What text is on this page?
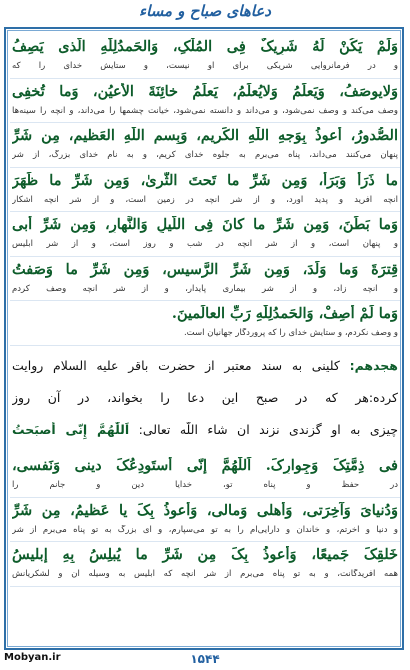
دعاهای صباح و مساء
وَلَمْ یَکُنْ لَهُ شَرِیکٌ فِی المُلْکِ، وَالحَمدُلِلّٰهِ الَّذی یَصِفُ
و در فرمانروایی شریکی برای او نیست، و ستایش خدای را که
وَلایوصَفُ، وَیَعلَمُ وَلایُعلَمُ، یَعلَمُ خائِنَةَ الأَعیُنِ، وَما تُخفِی
وصف می‌کند و وصف نمی‌شود، و می‌داند و دانسته نمی‌شود، خیانت چشمها را می‌داند، و آنچه را سینه‌ها
الصُّدورُ، أَعوذُ بِوَجهِ اللّٰهِ الکَریمِ، وَبِسمِ اللّٰهِ العَظیمِ، مِن شَرِّ
پنهان می‌کنند می‌داند، پناه می‌برم به جلوه خدای کریم، و به نام خدای بزرگ، از شر
ما ذَرَأَ وَبَرَأَ، وَمِن شَرِّ ما تَحتَ الثَّریٰ، وَمِن شَرِّ ما ظَهَرَ
آنچه آفرید و پدید آورد، و از شر آنچه در زمین است، و از شر آنچه آشکار
وَما بَطَنَ، وَمِن شَرِّ ما کانَ فِی اللَّیلِ وَالنَّهارِ، وَمِن شَرِّ أَبی
و پنهان است، و از شر آنچه در شب و روز است، و از شر ابلیس
قِترَةَ وَما وَلَدَ، وَمِن شَرِّ الرَّسیسِ، وَمِن شَرِّ ما وَصَفتُ
و آنچه زاد، و از شر بیماری پایدار، و از شر آنچه وصف کردم
وَما لَمْ أَصِفْ، وَالحَمدُلِلّٰهِ رَبِّ العالَمینَ.
و وصف نکردم، و ستایش خدای را که پروردگار جهانیان است.
هجدهم: کلینی به سند معتبر از حضرت باقر علیه السلام روایت
کرده:هر که در صبح این دعا را بخواند، در آن روز
چیزی به او گزندی نزند ان شاء اللّه تعالی: اَللّٰهُمَّ إِنّی أَصبَحتُ
فی ذِمَّتِکَ وَجِوارِکَ. اَللّٰهُمَّ إِنّی أَستَودِعُکَ دینی وَنَفسی،
در حفظ و پناه تو، خدایا دین و جانم را
وَدُنیایَ وَآخِرَتی، وَأَهلی وَمالی، وَأَعوذُ بِکَ یا عَظیمُ، مِن شَرِّ
و دنیا و آخرتم، و خاندان و دارایی‌ام را به تو می‌سپارم، و ای بزرگ به تو پناه می‌برم از شر
خَلقِکَ جَمیعًا، وَأَعوذُ بِکَ مِن شَرِّ ما یُبلِسُ بِهِ إِبلیسُ
همه آفریدگانت، و به تو پناه می‌برم از شر آنچه که ابلیس به وسیله آن و لشکریانش
۱۵۴۴
Mobyan.ir
